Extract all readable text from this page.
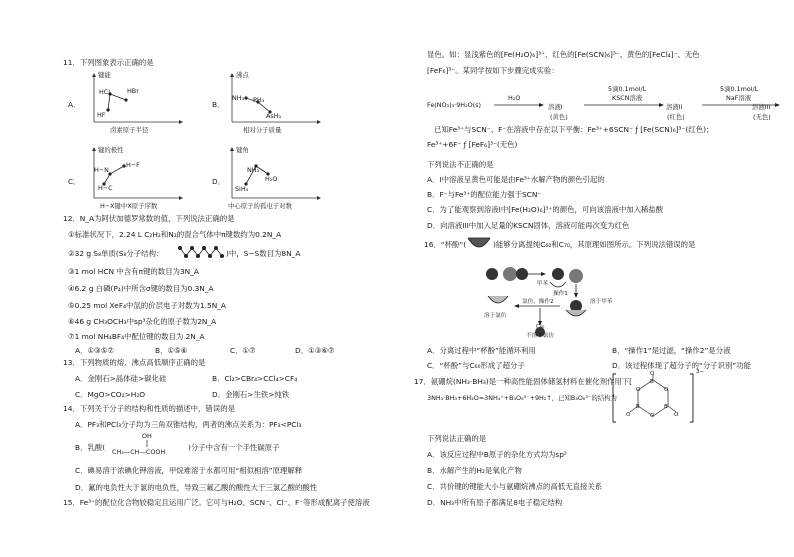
11．下列图象表示正确的是
A．
键能
HCl	HBr
HF
卤素原子半径
B．
沸点
NH₃ PH₃
AsH₃
相对分子质量
C．
键的极性
H−N
H−F
H−C
H−X键中X原子序数
D．
键角
NH₃
H₂O
SiH₄
中心原子的孤电子对数
12．N_A为阿伏加德罗常数的值，下列说法正确的是
①标准状况下，2.24 L C₂H₂和N₂的混合气体中π键数约为0.2N_A
②32 g S₈单质(S₈分子结构：	)中，S−S数目为8N_A
③1 mol HCN 中含有π键的数目为3N_A
④6.2 g 白磷(P₄)中所含σ键的数目为0.3N_A
⑤0.25 mol XeF₄中氙的价层电子对数为1.5N_A
⑥46 g CH₃OCH₃中sp³杂化的原子数为2N_A
⑦1 mol NH₄BF₄中配位键的数目为 2N_A
A．①③⑤⑦	B．①⑤⑥	C．①⑦	D．①③⑥⑦
13．下列物质的熔、沸点高低顺序正确的是
A．金刚石>晶体硅>碳化硅	B．Cl₂>CBr₄>CCl₄>CF₄
C．MgO>CO₂>H₂O	D．金刚石>生铁>纯铁
14．下列关于分子的结构和性质的描述中，错误的是
A．PF₃和PCl₃分子均为三角双锥结构，两者的沸点关系为：PF₃<PCl₃
OH
B．乳酸( CH₃—CH—COOH	)分子中含有一个手性碳原子
C．碘易溶于浓碘化钾溶液，甲烷难溶于水都可用“相似相溶”原理解释
D．氟的电负性大于氯的电负性，导致三氟乙酸的酸性大于三氯乙酸的酸性
15．Fe³⁺的配位化合物较稳定且运用广泛。它可与H₂O、SCN⁻、Cl⁻、F⁻等形成配离子使溶液
显色。如：显浅紫色的[Fe(H₂O)₆]³⁺、红色的[Fe(SCN)₆]³⁻、黄色的[FeCl₄]⁻、无色
[FeF₆]³⁻。某同学按如下步骤完成实验：
Fe(NO₃)₃·9H₂O(s)
H₂O
溶液I
(黄色)
5滴0.1mol/L
KSCN溶液
溶液II
(红色)
5滴0.1mol/L
NaF溶液
溶液III
(无色)
已知Fe³⁺与SCN⁻、F⁻在溶液中存在以下平衡：Fe³⁺+6SCN⁻ ƒ [Fe(SCN)₆]³⁻(红色)；
Fe³⁺+6F⁻ ƒ [FeF₆]³⁻(无色)
下列说法不正确的是
A．I中溶液呈黄色可能是由Fe³⁺水解产物的颜色引起的
B．F⁻与Fe³⁺的配位能力强于SCN⁻
C．为了能观察到溶液I中[Fe(H₂O)₆]³⁺的颜色，可向该溶液中加入稀盐酸
D．向溶液III中加入足量的KSCN固体，溶液可能再次变为红色
16．“杯酚”(	)能够分离提纯C₆₀和C₇₀，其原理如图所示。下列说法错误的是
甲苯
操作1
氯仿，操作2	溶于甲苯
溶于氯仿
C₆₀
不溶于氯仿
A．分离过程中“杯酚”能循环利用	B．“操作1”是过滤，“操作2”是分液
C．“杯酚”与C₆₀形成了超分子	D．该过程体现了超分子的“分子识别”功能
17．氨硼烷(NH₃·BH₃)是一种高性能固体储氢材料在催化剂作用下[
3NH₃·BH₃+6H₂O=3NH₄⁺+B₃O₆³⁻+9H₂↑，已知B₃O₆³⁻的结构为
O
B
O
O
B
B
O	O
O
3−
下列说法正确的是
A．该反应过程中B原子的杂化方式均为sp²
B．水解产生的H₂是氧化产物
C．共价键的键能大小与氨硼烷沸点的高低无直接关系
D．NH₃中所有原子都满足8电子稳定结构
